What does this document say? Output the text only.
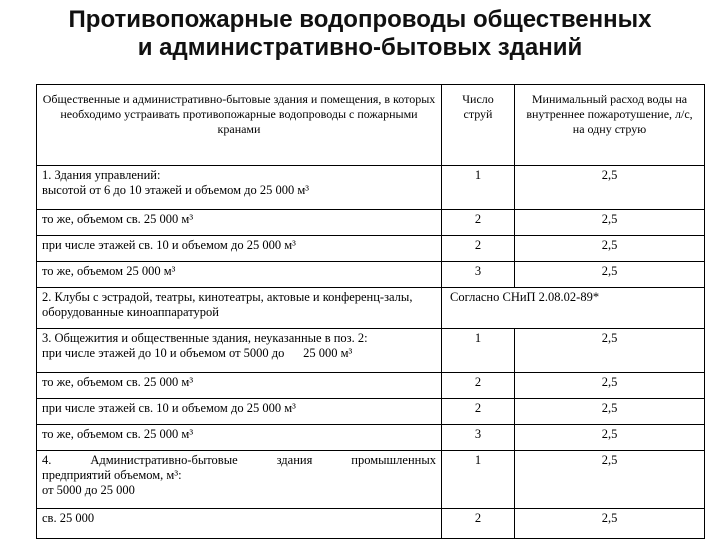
Противопожарные водопроводы общественных
и административно-бытовых зданий
Общественные и административно-бытовые здания и помещения, в которых необходимо устраивать противопожарные водопроводы с пожарными кранами	Число струй	Минимальный расход воды на внутреннее пожаротушение, л/с, на одну струю
1. Здания управлений:
высотой от 6 до 10 этажей и объемом до 25 000 м³	1	2,5
то же, объемом св. 25 000 м³	2	2,5
при числе этажей св. 10 и объемом до 25 000 м³	2	2,5
то же, объемом 25 000 м³	3	2,5
2. Клубы с эстрадой, театры, кинотеатры, актовые и конференц-залы, оборудованные киноаппаратурой	Согласно СНиП 2.08.02-89*	
3. Общежития и общественные здания, неуказанные в поз. 2:
при числе этажей до 10 и объемом от 5000 до      25 000 м³	1	2,5
то же, объемом св. 25 000 м³	2	2,5
при числе этажей св. 10 и объемом до 25 000 м³	2	2,5
то же, объемом св. 25 000 м³	3	2,5

4.   Административно-бытовые   здания   промышленных
предприятий объемом, м³:
от 5000 до 25 000	1	2,5
св. 25 000	2	2,5
